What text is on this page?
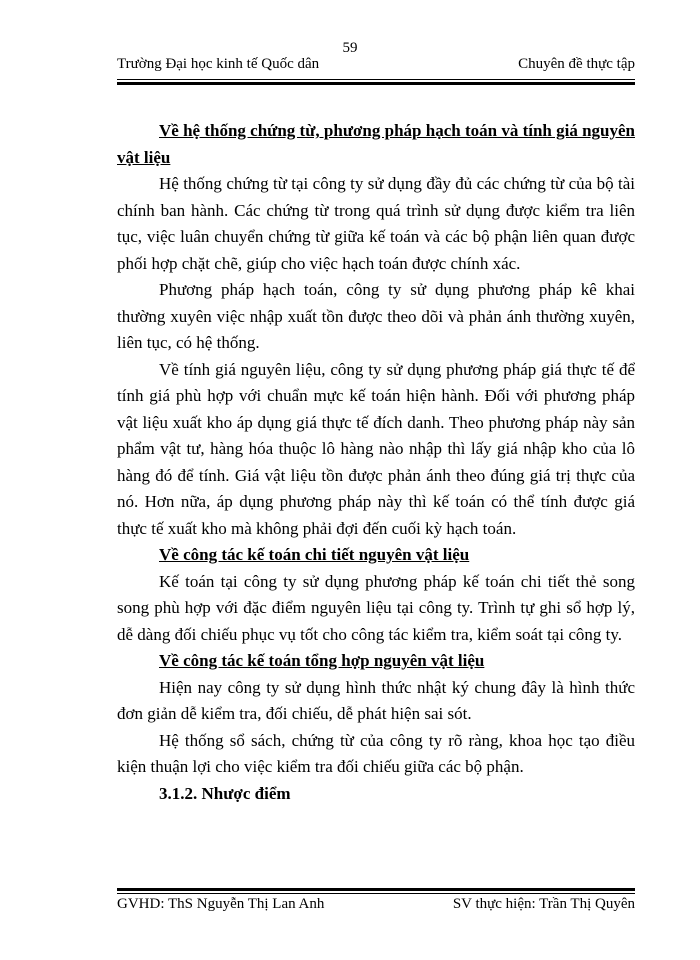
59
Trường Đại học kinh tế Quốc dân	Chuyên đề thực tập

Về hệ thống chứng từ, phương pháp hạch toán và tính giá nguyên vật liệu

Hệ thống chứng từ tại công ty sử dụng đầy đủ các chứng từ của bộ tài chính ban hành. Các chứng từ trong quá trình sử dụng được kiểm tra liên tục, việc luân chuyển chứng từ giữa kế toán và các bộ phận liên quan được phối hợp chặt chẽ, giúp cho việc hạch toán được chính xác.

Phương pháp hạch toán, công ty sử dụng phương pháp kê khai thường xuyên việc nhập xuất tồn được theo dõi và phản ánh thường xuyên, liên tục, có hệ thống.

Về tính giá nguyên liệu, công ty sử dụng phương pháp giá thực tế để tính giá phù hợp với chuẩn mực kế toán hiện hành. Đối với phương pháp vật liệu xuất kho áp dụng giá thực tế đích danh. Theo phương pháp này sản phẩm vật tư, hàng hóa thuộc lô hàng nào nhập thì lấy giá nhập kho của lô hàng đó để tính. Giá vật liệu tồn được phản ánh theo đúng giá trị thực của nó. Hơn nữa, áp dụng phương pháp này thì kế toán có thể tính được giá thực tế xuất kho mà không phải đợi đến cuối kỳ hạch toán.

Về công tác kế toán chi tiết nguyên vật liệu

Kế toán tại công ty sử dụng phương pháp kế toán chi tiết thẻ song song phù hợp với đặc điểm nguyên liệu tại công ty. Trình tự ghi sổ hợp lý, dễ dàng đối chiếu phục vụ tốt cho công tác kiểm tra, kiểm soát tại công ty.

Về công tác kế toán tổng hợp nguyên vật liệu

Hiện nay công ty sử dụng hình thức nhật ký chung đây là hình thức đơn giản dễ kiểm tra, đối chiếu, dễ phát hiện sai sót.

Hệ thống sổ sách, chứng từ của công ty rõ ràng, khoa học tạo điều kiện thuận lợi cho việc kiểm tra đối chiếu giữa các bộ phận.

3.1.2. Nhược điểm

GVHD: ThS Nguyễn Thị Lan Anh	SV thực hiện: Trần Thị Quyên
